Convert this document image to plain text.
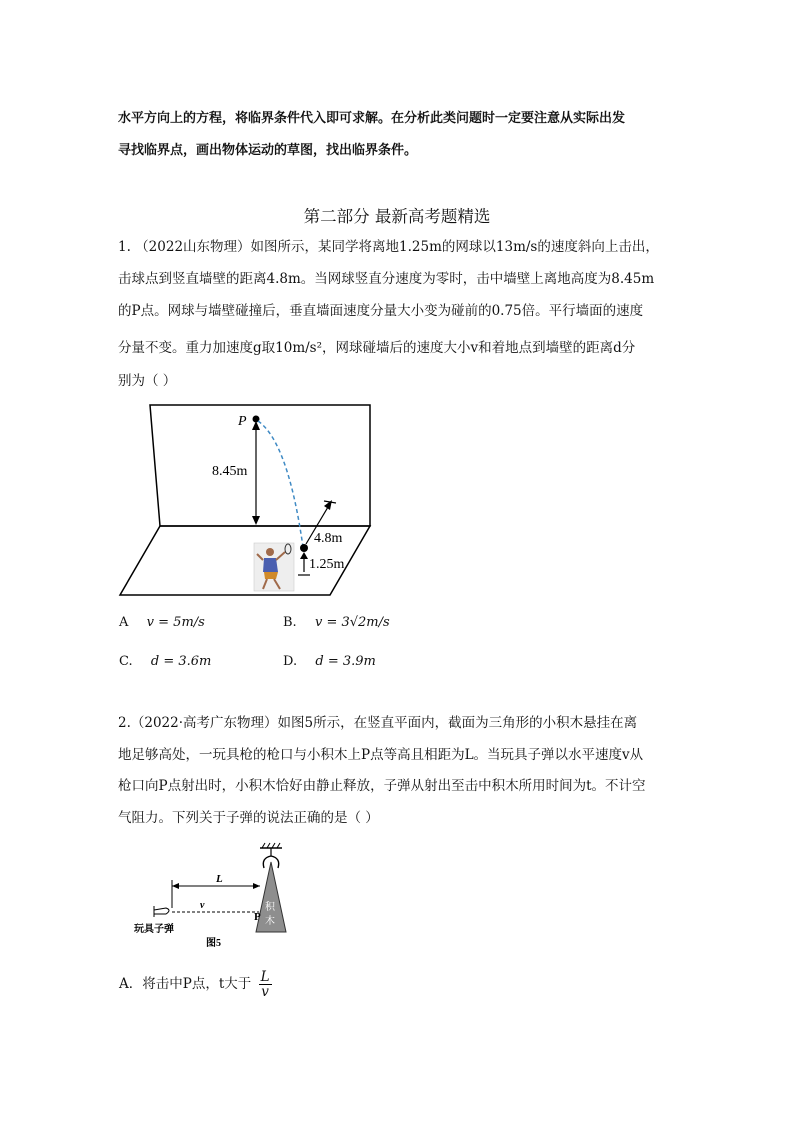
水平方向上的方程，将临界条件代入即可求解。在分析此类问题时一定要注意从实际出发
寻找临界点，画出物体运动的草图，找出临界条件。
第二部分 最新高考题精选
1. （2022山东物理）如图所示，某同学将离地1.25m的网球以13m/s的速度斜向上击出，
击球点到竖直墙壁的距离4.8m。当网球竖直分速度为零时，击中墙壁上离地高度为8.45m
的P点。网球与墙壁碰撞后，垂直墙面速度分量大小变为碰前的0.75倍。平行墙面的速度
分量不变。重力加速度g取10m/s²，网球碰墙后的速度大小v和着地点到墙壁的距离d分
别为（ ）
P
8.45m
4.8m
1.25m
A v = 5m/s	B. v = 3√2m/s
C. d = 3.6m	D. d = 3.9m
2.（2022·高考广东物理）如图5所示，在竖直平面内，截面为三角形的小积木悬挂在离
地足够高处，一玩具枪的枪口与小积木上P点等高且相距为L。当玩具子弹以水平速度v从
枪口向P点射出时，小积木恰好由静止释放，子弹从射出至击中积木所用时间为t。不计空
气阻力。下列关于子弹的说法正确的是（ ）
积
木
P
L
v
玩具子弹
图5
A．将击中P点，t大于 $\frac{L}{v}$
